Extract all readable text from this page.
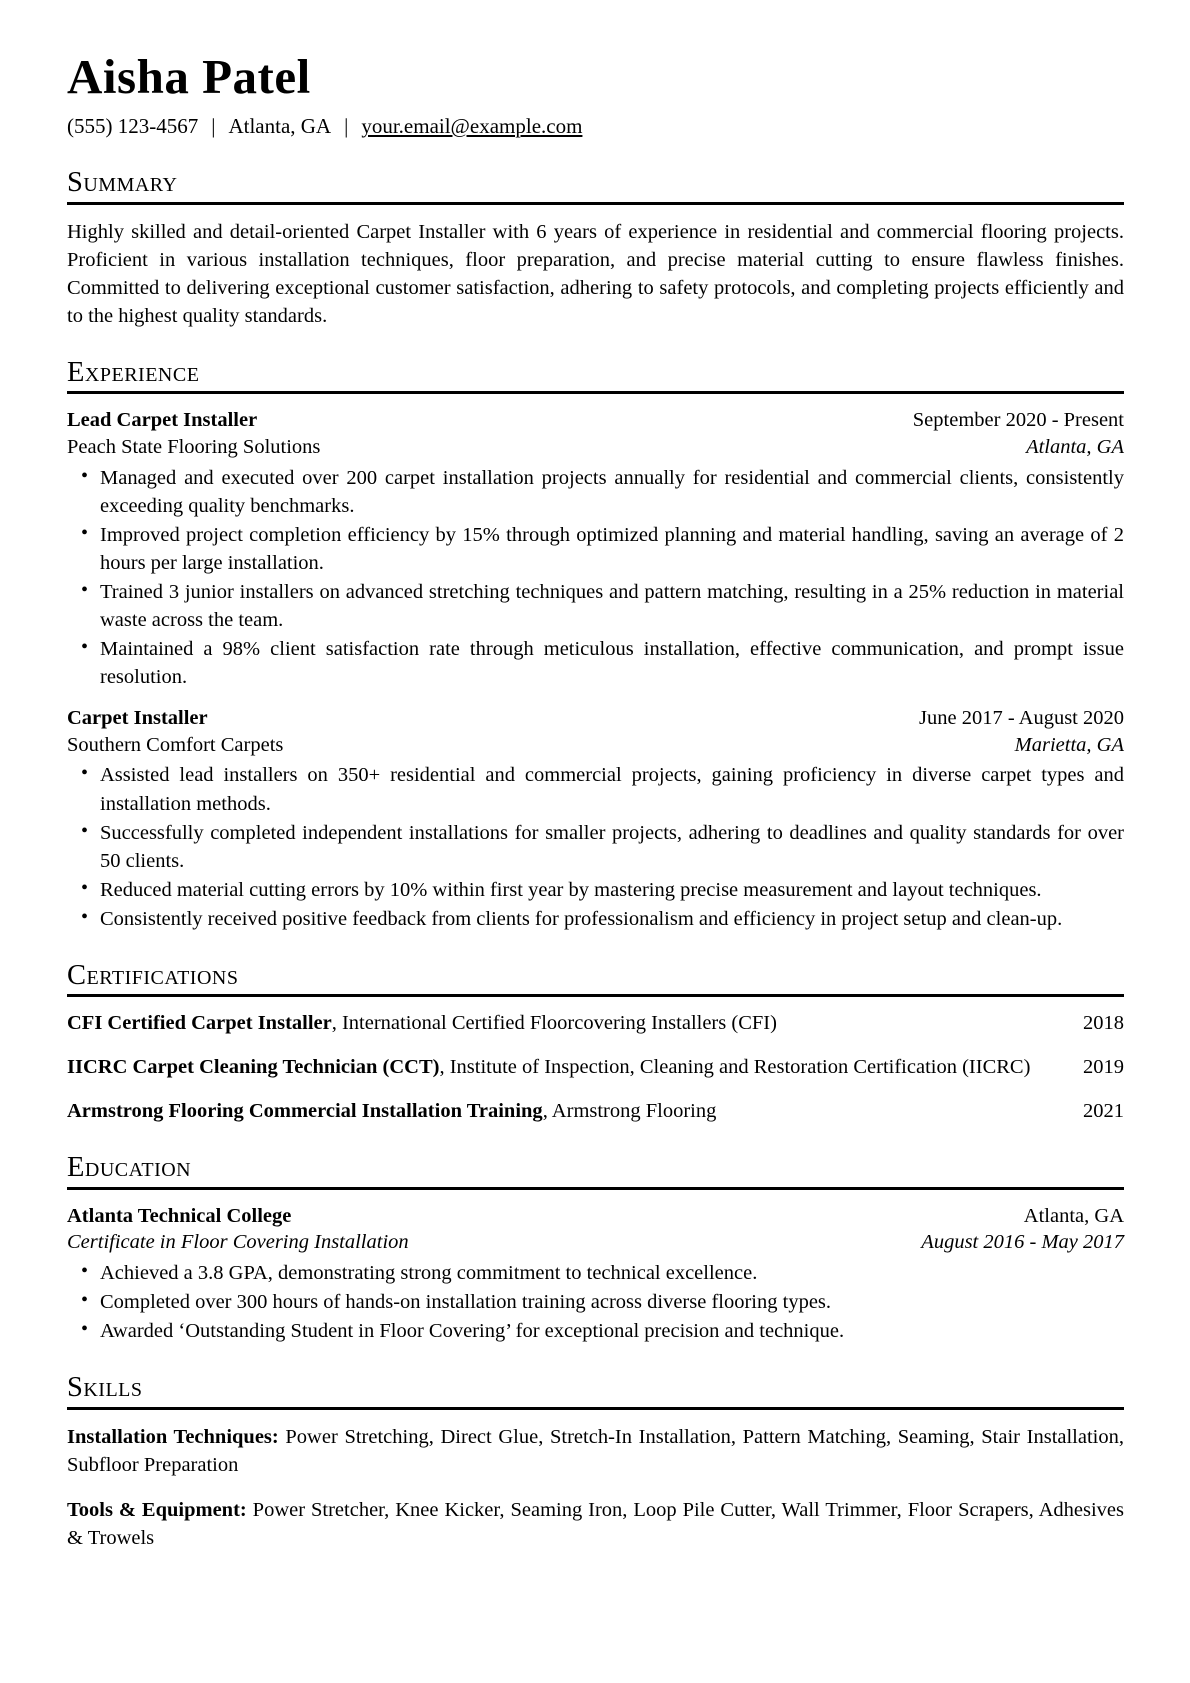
Aisha Patel
(555) 123-4567 | Atlanta, GA | your.email@example.com
Summary

Highly skilled and detail-oriented Carpet Installer with 6 years of experience in residential and commercial flooring projects. Proficient in various installation techniques, floor preparation, and precise material cutting to ensure flawless finishes. Committed to delivering exceptional customer satisfaction, adhering to safety protocols, and completing projects efficiently and to the highest quality standards.

Experience
Lead Carpet Installer	September 2020 - Present
Peach State Flooring Solutions	Atlanta, GA
• Managed and executed over 200 carpet installation projects annually for residential and commercial clients, consistently exceeding quality benchmarks.
• Improved project completion efficiency by 15% through optimized planning and material handling, saving an average of 2 hours per large installation.
• Trained 3 junior installers on advanced stretching techniques and pattern matching, resulting in a 25% reduction in material waste across the team.
• Maintained a 98% client satisfaction rate through meticulous installation, effective communication, and prompt issue resolution.
Carpet Installer	June 2017 - August 2020
Southern Comfort Carpets	Marietta, GA
• Assisted lead installers on 350+ residential and commercial projects, gaining proficiency in diverse carpet types and installation methods.
• Successfully completed independent installations for smaller projects, adhering to deadlines and quality standards for over 50 clients.
• Reduced material cutting errors by 10% within first year by mastering precise measurement and layout techniques.
• Consistently received positive feedback from clients for professionalism and efficiency in project setup and clean-up.
Certifications

CFI Certified Carpet Installer, International Certified Floorcovering Installers (CFI)	2018

IICRC Carpet Cleaning Technician (CCT), Institute of Inspection, Cleaning and Restoration Certification (IICRC)	2019

Armstrong Flooring Commercial Installation Training, Armstrong Flooring	2021
Education
Atlanta Technical College	Atlanta, GA
Certificate in Floor Covering Installation	August 2016 - May 2017
• Achieved a 3.8 GPA, demonstrating strong commitment to technical excellence.
• Completed over 300 hours of hands-on installation training across diverse flooring types.
• Awarded ‘Outstanding Student in Floor Covering’ for exceptional precision and technique.
Skills

Installation Techniques: Power Stretching, Direct Glue, Stretch-In Installation, Pattern Matching, Seaming, Stair Installation, Subfloor Preparation

Tools & Equipment: Power Stretcher, Knee Kicker, Seaming Iron, Loop Pile Cutter, Wall Trimmer, Floor Scrapers, Adhesives & Trowels
